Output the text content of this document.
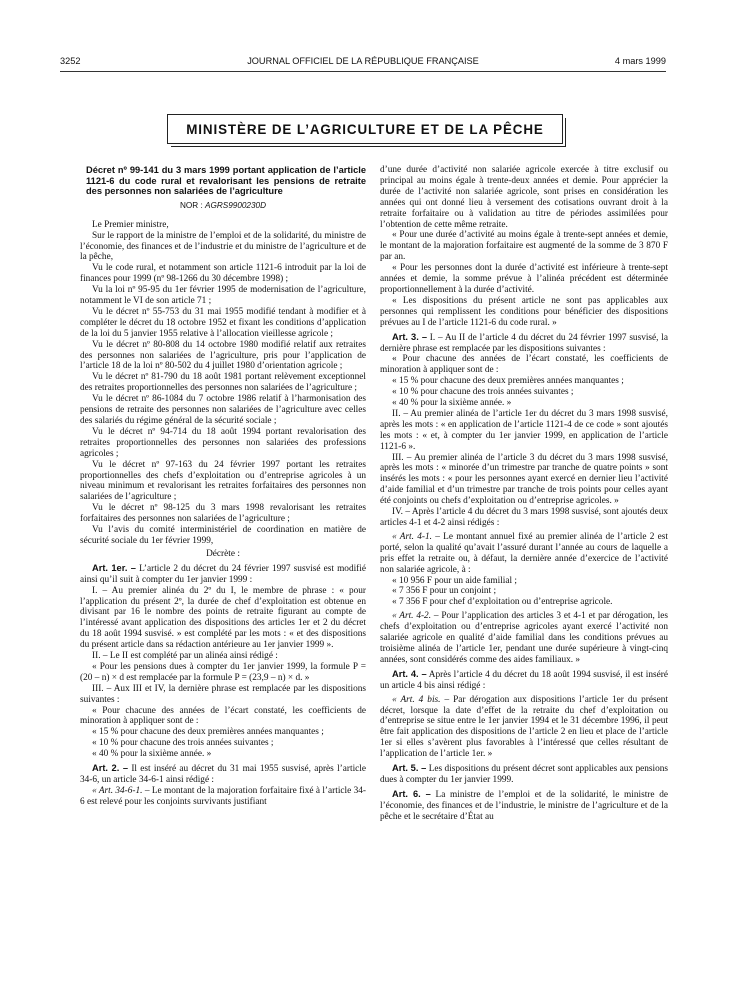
3252	JOURNAL OFFICIEL DE LA RÉPUBLIQUE FRANÇAISE	4 mars 1999
MINISTÈRE DE L’AGRICULTURE ET DE LA PÊCHE

Décret nº 99-141 du 3 mars 1999 portant application de l’article 1121-6 du code rural et revalorisant les pensions de retraite des personnes non salariées de l’agriculture

NOR : AGRS9900230D

Le Premier ministre,

Sur le rapport de la ministre de l’emploi et de la solidarité, du ministre de l’économie, des finances et de l’industrie et du ministre de l’agriculture et de la pêche,

Vu le code rural, et notamment son article 1121-6 introduit par la loi de finances pour 1999 (nº 98-1266 du 30 décembre 1998) ;

Vu la loi nº 95-95 du 1er février 1995 de modernisation de l’agriculture, notamment le VI de son article 71 ;

Vu le décret nº 55-753 du 31 mai 1955 modifié tendant à modifier et à compléter le décret du 18 octobre 1952 et fixant les conditions d’application de la loi du 5 janvier 1955 relative à l’allocation vieillesse agricole ;

Vu le décret nº 80-808 du 14 octobre 1980 modifié relatif aux retraites des personnes non salariées de l’agriculture, pris pour l’application de l’article 18 de la loi nº 80-502 du 4 juillet 1980 d’orientation agricole ;

Vu le décret nº 81-790 du 18 août 1981 portant relèvement exceptionnel des retraites proportionnelles des personnes non salariées de l’agriculture ;

Vu le décret nº 86-1084 du 7 octobre 1986 relatif à l’harmonisation des pensions de retraite des personnes non salariées de l’agriculture avec celles des salariés du régime général de la sécurité sociale ;

Vu le décret nº 94-714 du 18 août 1994 portant revalorisation des retraites proportionnelles des personnes non salariées des professions agricoles ;

Vu le décret nº 97-163 du 24 février 1997 portant les retraites proportionnelles des chefs d’exploitation ou d’entreprise agricoles à un niveau minimum et revalorisant les retraites forfaitaires des personnes non salariées de l’agriculture ;

Vu le décret nº 98-125 du 3 mars 1998 revalorisant les retraites forfaitaires des personnes non salariées de l’agriculture ;

Vu l’avis du comité interministériel de coordination en matière de sécurité sociale du 1er février 1999,

Décrète :

Art. 1er. – L’article 2 du décret du 24 février 1997 susvisé est modifié ainsi qu’il suit à compter du 1er janvier 1999 :

I. – Au premier alinéa du 2º du I, le membre de phrase : « pour l’application du présent 2º, la durée de chef d’exploitation est obtenue en divisant par 16 le nombre des points de retraite figurant au compte de l’intéressé avant application des dispositions des articles 1er et 2 du décret du 18 août 1994 susvisé. » est complété par les mots : « et des dispositions du présent article dans sa rédaction antérieure au 1er janvier 1999 ».

II. – Le II est complété par un alinéa ainsi rédigé :

« Pour les pensions dues à compter du 1er janvier 1999, la formule P = (20 – n) × d est remplacée par la formule P = (23,9 – n) × d. »

III. – Aux III et IV, la dernière phrase est remplacée par les dispositions suivantes :

« Pour chacune des années de l’écart constaté, les coefficients de minoration à appliquer sont de :

« 15 % pour chacune des deux premières années manquantes ;

« 10 % pour chacune des trois années suivantes ;

« 40 % pour la sixième année. »

Art. 2. – Il est inséré au décret du 31 mai 1955 susvisé, après l’article 34-6, un article 34-6-1 ainsi rédigé :

« Art. 34-6-1. – Le montant de la majoration forfaitaire fixé à l’article 34-6 est relevé pour les conjoints survivants justifiant

d’une durée d’activité non salariée agricole exercée à titre exclusif ou principal au moins égale à trente-deux années et demie. Pour apprécier la durée de l’activité non salariée agricole, sont prises en considération les années qui ont donné lieu à versement des cotisations ouvrant droit à la retraite forfaitaire ou à validation au titre de périodes assimilées pour l’obtention de cette même retraite.

« Pour une durée d’activité au moins égale à trente-sept années et demie, le montant de la majoration forfaitaire est augmenté de la somme de 3 870 F par an.

« Pour les personnes dont la durée d’activité est inférieure à trente-sept années et demie, la somme prévue à l’alinéa précédent est déterminée proportionnellement à la durée d’activité.

« Les dispositions du présent article ne sont pas applicables aux personnes qui remplissent les conditions pour bénéficier des dispositions prévues au I de l’article 1121-6 du code rural. »

Art. 3. – I. – Au II de l’article 4 du décret du 24 février 1997 susvisé, la dernière phrase est remplacée par les dispositions suivantes :

« Pour chacune des années de l’écart constaté, les coefficients de minoration à appliquer sont de :

« 15 % pour chacune des deux premières années manquantes ;

« 10 % pour chacune des trois années suivantes ;

« 40 % pour la sixième année. »

II. – Au premier alinéa de l’article 1er du décret du 3 mars 1998 susvisé, après les mots : « en application de l’article 1121-4 de ce code » sont ajoutés les mots : « et, à compter du 1er janvier 1999, en application de l’article 1121-6 ».

III. – Au premier alinéa de l’article 3 du décret du 3 mars 1998 susvisé, après les mots : « minorée d’un trimestre par tranche de quatre points » sont insérés les mots : « pour les personnes ayant exercé en dernier lieu l’activité d’aide familial et d’un trimestre par tranche de trois points pour celles ayant été conjoints ou chefs d’exploitation ou d’entreprise agricoles. »

IV. – Après l’article 4 du décret du 3 mars 1998 susvisé, sont ajoutés deux articles 4-1 et 4-2 ainsi rédigés :

« Art. 4-1. – Le montant annuel fixé au premier alinéa de l’article 2 est porté, selon la qualité qu’avait l’assuré durant l’année au cours de laquelle a pris effet la retraite ou, à défaut, la dernière année d’exercice de l’activité non salariée agricole, à :

« 10 956 F pour un aide familial ;

« 7 356 F pour un conjoint ;

« 7 356 F pour chef d’exploitation ou d’entreprise agricole.

« Art. 4-2. – Pour l’application des articles 3 et 4-1 et par dérogation, les chefs d’exploitation ou d’entreprise agricoles ayant exercé l’activité non salariée agricole en qualité d’aide familial dans les conditions prévues au troisième alinéa de l’article 1er, pendant une durée supérieure à vingt-cinq années, sont considérés comme des aides familiaux. »

Art. 4. – Après l’article 4 du décret du 18 août 1994 susvisé, il est inséré un article 4 bis ainsi rédigé :

« Art. 4 bis. – Par dérogation aux dispositions l’article 1er du présent décret, lorsque la date d’effet de la retraite du chef d’exploitation ou d’entreprise se situe entre le 1er janvier 1994 et le 31 décembre 1996, il peut être fait application des dispositions de l’article 2 en lieu et place de l’article 1er si elles s’avèrent plus favorables à l’intéressé que celles résultant de l’application de l’article 1er. »

Art. 5. – Les dispositions du présent décret sont applicables aux pensions dues à compter du 1er janvier 1999.

Art. 6. – La ministre de l’emploi et de la solidarité, le ministre de l’économie, des finances et de l’industrie, le ministre de l’agriculture et de la pêche et le secrétaire d’État au
